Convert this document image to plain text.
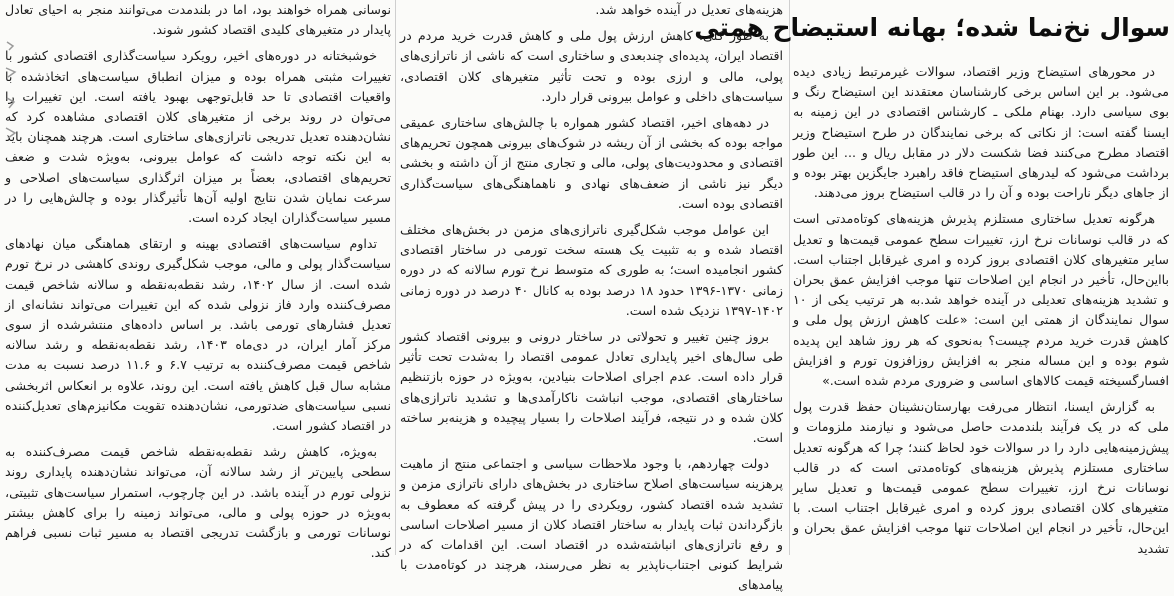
سوال نخ‌نما شده؛ بهانه استیضاح همتی

در محورهای استیضاح وزیر اقتصاد، سوالات غیرمرتبط زیادی دیده می‌شود. بر این اساس برخی کارشناسان معتقدند این استیضاح رنگ و بوی سیاسی دارد. بهنام ملکی ـ کارشناس اقتصادی در این زمینه به ایسنا گفته است: از نکاتی که برخی نمایندگان در طرح استیضاح وزیر اقتصاد مطرح می‌کنند فضا شکست دلار در مقابل ریال و ... این طور برداشت می‌شود که لیدرهای استیضاح فاقد راهبرد جایگزین بهتر بوده و از جاهای دیگر ناراحت بوده و آن را در قالب استیضاح بروز می‌دهند.

هرگونه تعدیل ساختاری مستلزم پذیرش هزینه‌های کوتاه‌مدتی است که در قالب نوسانات نرخ ارز، تغییرات سطح عمومی قیمت‌ها و تعدیل سایر متغیرهای کلان اقتصادی بروز کرده و امری غیرقابل اجتناب است. بااین‌حال، تأخیر در انجام این اصلاحات تنها موجب افزایش عمق بحران و تشدید هزینه‌های تعدیلی در آینده خواهد شد.به هر ترتیب یکی از ۱۰ سوال نمایندگان از همتی این است: «علت کاهش ارزش پول ملی و کاهش قدرت خرید مردم چیست؟ به‌نحوی که هر روز شاهد این پدیده شوم بوده و این مساله منجر به افزایش روزافزون تورم و افزایش افسارگسیخته قیمت کالاهای اساسی و ضروری مردم شده است.»

به گزارش ایسنا، انتظار می‌رفت بهارستان‌نشینان حفظ قدرت پول ملی که در یک فرآیند بلندمدت حاصل می‌شود و نیازمند ملزومات و پیش‌زمینه‌هایی دارد را در سوالات خود لحاظ کنند؛ چرا که هرگونه تعدیل ساختاری مستلزم پذیرش هزینه‌های کوتاه‌مدتی است که در قالب نوسانات نرخ ارز، تغییرات سطح عمومی قیمت‌ها و تعدیل سایر متغیرهای کلان اقتصادی بروز کرده و امری غیرقابل اجتناب است. با این‌حال، تأخیر در انجام این اصلاحات تنها موجب افزایش عمق بحران و تشدید

هزینه‌های تعدیل در آینده خواهد شد.

به طور کلی، کاهش ارزش پول ملی و کاهش قدرت خرید مردم در اقتصاد ایران، پدیده‌ای چندبعدی و ساختاری است که ناشی از ناترازی‌های پولی، مالی و ارزی بوده و تحت تأثیر متغیرهای کلان اقتصادی، سیاست‌های داخلی و عوامل بیرونی قرار دارد.

در دهه‌های اخیر، اقتصاد کشور همواره با چالش‌های ساختاری عمیقی مواجه بوده که بخشی از آن ریشه در شوک‌های بیرونی همچون تحریم‌های اقتصادی و محدودیت‌های پولی، مالی و تجاری منتج از آن داشته و بخشی دیگر نیز ناشی از ضعف‌های نهادی و ناهماهنگی‌های سیاست‌گذاری اقتصادی بوده است.

این عوامل موجب شکل‌گیری ناترازی‌های مزمن در بخش‌های مختلف اقتصاد شده و به تثبیت یک هسته سخت تورمی در ساختار اقتصادی کشور انجامیده است؛ به طوری که متوسط نرخ تورم سالانه که در دوره زمانی ۱۳۷۰-۱۳۹۶ حدود ۱۸ درصد بوده به کانال ۴۰ درصد در دوره زمانی ۱۴۰۲-۱۳۹۷ نزدیک شده است.

بروز چنین تغییر و تحولاتی در ساختار درونی و بیرونی اقتصاد کشور طی سال‌های اخیر پایداری تعادل عمومی اقتصاد را به‌شدت تحت تأثیر قرار داده است. عدم اجرای اصلاحات بنیادین، به‌ویژه در حوزه بازتنظیم ساختارهای اقتصادی، موجب انباشت ناکارآمدی‌ها و تشدید ناترازی‌های کلان شده و در نتیجه، فرآیند اصلاحات را بسیار پیچیده و هزینه‌بر ساخته است.

دولت چهاردهم، با وجود ملاحظات سیاسی و اجتماعی منتج از ماهیت پرهزینه سیاست‌های اصلاح ساختاری در بخش‌های دارای ناترازی مزمن و تشدید شده اقتصاد کشور، رویکردی را در پیش گرفته که معطوف به بازگرداندن ثبات پایدار به ساختار اقتصاد کلان از مسیر اصلاحات اساسی و رفع ناترازی‌های انباشته‌شده در اقتصاد است. این اقدامات که در شرایط کنونی اجتناب‌ناپذیر به نظر می‌رسند، هرچند در کوتاه‌مدت با پیامدهای

نوسانی همراه خواهند بود، اما در بلندمدت می‌توانند منجر به احیای تعادل پایدار در متغیرهای کلیدی اقتصاد کشور شوند.

خوشبختانه در دوره‌های اخیر، رویکرد سیاست‌گذاری اقتصادی کشور با تغییرات مثبتی همراه بوده و میزان انطباق سیاست‌های اتخاذشده با واقعیات اقتصادی تا حد قابل‌توجهی بهبود یافته است. این تغییرات را می‌توان در روند برخی از متغیرهای کلان اقتصادی مشاهده کرد که نشان‌دهنده تعدیل تدریجی ناترازی‌های ساختاری است. هرچند همچنان باید به این نکته توجه داشت که عوامل بیرونی، به‌ویژه شدت و ضعف تحریم‌های اقتصادی، بعضاً بر میزان اثرگذاری سیاست‌های اصلاحی و سرعت نمایان شدن نتایج اولیه آن‌ها تأثیرگذار بوده و چالش‌هایی را در مسیر سیاست‌گذاران ایجاد کرده است.

تداوم سیاست‌های اقتصادی بهینه و ارتقای هماهنگی میان نهادهای سیاست‌گذار پولی و مالی، موجب شکل‌گیری روندی کاهشی در نرخ تورم شده است. از سال ۱۴۰۲، رشد نقطه‌به‌نقطه و سالانه شاخص قیمت مصرف‌کننده وارد فاز نزولی شده که این تغییرات می‌تواند نشانه‌ای از تعدیل فشارهای تورمی باشد. بر اساس داده‌های منتشرشده از سوی مرکز آمار ایران، در دی‌ماه ۱۴۰۳، رشد نقطه‌به‌نقطه و رشد سالانه شاخص قیمت مصرف‌کننده به ترتیب ۶.۷ و ۱۱.۶ درصد نسبت به مدت مشابه سال قبل کاهش یافته است. این روند، علاوه بر انعکاس اثربخشی نسبی سیاست‌های ضدتورمی، نشان‌دهنده تقویت مکانیزم‌های تعدیل‌کننده در اقتصاد کشور است.

به‌ویژه، کاهش رشد نقطه‌به‌نقطه شاخص قیمت مصرف‌کننده به سطحی پایین‌تر از رشد سالانه آن، می‌تواند نشان‌دهنده پایداری روند نزولی تورم در آینده باشد. در این چارچوب، استمرار سیاست‌های تثبیتی، به‌ویژه در حوزه پولی و مالی، می‌تواند زمینه را برای کاهش بیشتر نوسانات تورمی و بازگشت تدریجی اقتصاد به مسیر ثبات نسبی فراهم کند.
